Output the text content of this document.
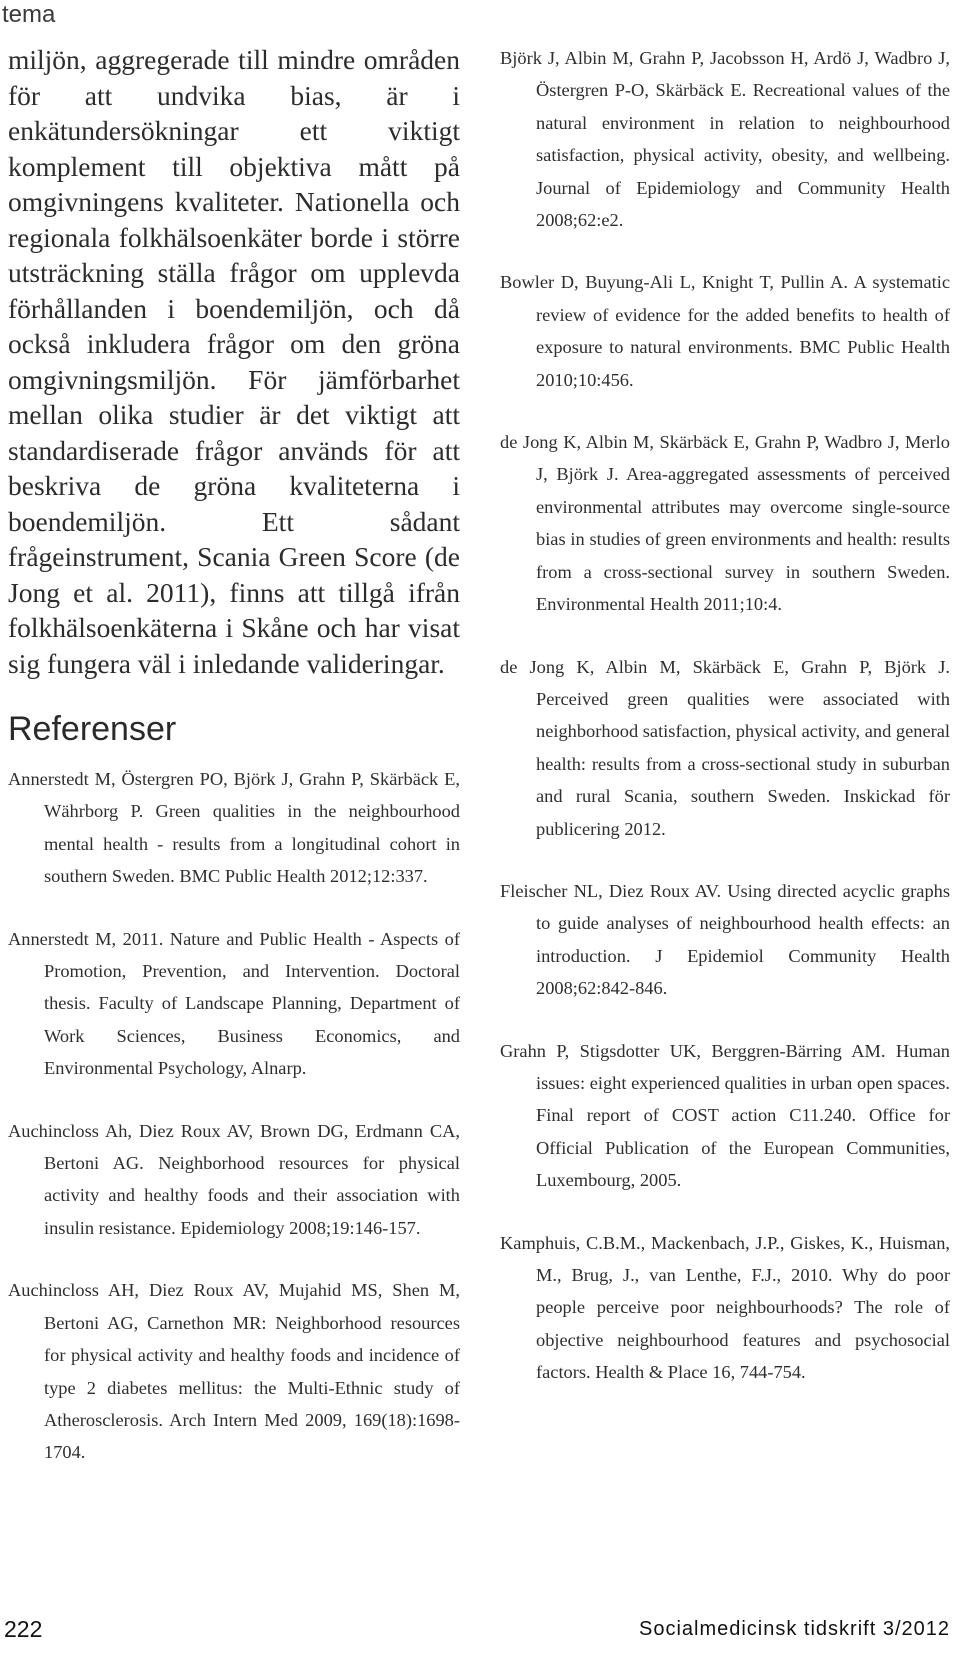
tema

miljön, aggregerade till mindre områden för att undvika bias, är i enkätundersökningar ett viktigt komplement till objektiva mått på omgivningens kvaliteter. Nationella och regionala folkhälsoenkäter borde i större utsträckning ställa frågor om upplevda förhållanden i boendemiljön, och då också inkludera frågor om den gröna omgivningsmiljön. För jämförbarhet mellan olika studier är det viktigt att standardiserade frågor används för att beskriva de gröna kvaliteterna i boendemiljön. Ett sådant frågeinstrument, Scania Green Score (de Jong et al. 2011), finns att tillgå ifrån folkhälsoenkäterna i Skåne och har visat sig fungera väl i inledande valideringar.

Referenser

Annerstedt M, Östergren PO, Björk J, Grahn P, Skärbäck E, Währborg P. Green qualities in the neighbourhood mental health - results from a longitudinal cohort in southern Sweden. BMC Public Health 2012;12:337.

Annerstedt M, 2011. Nature and Public Health - Aspects of Promotion, Prevention, and Intervention. Doctoral thesis. Faculty of Landscape Planning, Department of Work Sciences, Business Economics, and Environmental Psychology, Alnarp.

Auchincloss Ah, Diez Roux AV, Brown DG, Erdmann CA, Bertoni AG. Neighborhood resources for physical activity and healthy foods and their association with insulin resistance. Epidemiology 2008;19:146-157.

Auchincloss AH, Diez Roux AV, Mujahid MS, Shen M, Bertoni AG, Carnethon MR: Neighborhood resources for physical activity and healthy foods and incidence of type 2 diabetes mellitus: the Multi-Ethnic study of Atherosclerosis. Arch Intern Med 2009, 169(18):1698-1704.

Björk J, Albin M, Grahn P, Jacobsson H, Ardö J, Wadbro J, Östergren P-O, Skärbäck E. Recreational values of the natural environment in relation to neighbourhood satisfaction, physical activity, obesity, and wellbeing. Journal of Epidemiology and Community Health 2008;62:e2.

Bowler D, Buyung-Ali L, Knight T, Pullin A. A systematic review of evidence for the added benefits to health of exposure to natural environments. BMC Public Health 2010;10:456.

de Jong K, Albin M, Skärbäck E, Grahn P, Wadbro J, Merlo J, Björk J. Area-aggregated assessments of perceived environmental attributes may overcome single-source bias in studies of green environments and health: results from a cross-sectional survey in southern Sweden. Environmental Health 2011;10:4.

de Jong K, Albin M, Skärbäck E, Grahn P, Björk J. Perceived green qualities were associated with neighborhood satisfaction, physical activity, and general health: results from a cross-sectional study in suburban and rural Scania, southern Sweden. Inskickad för publicering 2012.

Fleischer NL, Diez Roux AV. Using directed acyclic graphs to guide analyses of neighbourhood health effects: an introduction. J Epidemiol Community Health 2008;62:842-846.

Grahn P, Stigsdotter UK, Berggren-Bärring AM. Human issues: eight experienced qualities in urban open spaces. Final report of COST action C11.240. Office for Official Publication of the European Communities, Luxembourg, 2005.

Kamphuis, C.B.M., Mackenbach, J.P., Giskes, K., Huisman, M., Brug, J., van Lenthe, F.J., 2010. Why do poor people perceive poor neighbourhoods? The role of objective neighbourhood features and psychosocial factors. Health & Place 16, 744-754.

222	Socialmedicinsk tidskrift 3/2012
